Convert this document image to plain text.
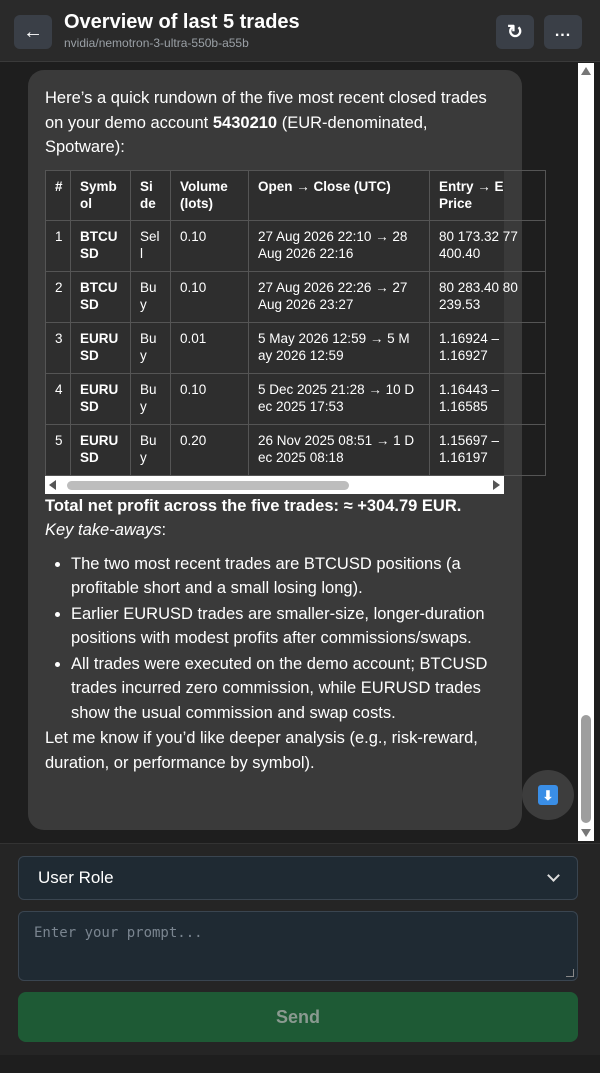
← Overview of last 5 trades
nvidia/nemotron-3-ultra-550b-a55b
↻ ...

Here’s a quick rundown of the five most recent closed trades on your demo account 5430210 (EUR-denominated, Spotware):

#	Symb ol	Si de	Volume (lots)	Open → Close (UTC)	Entry → E Price
1	BTCU SD	Sel l	0.10	27 Aug 2026 22:10 → 28 Aug 2026 22:16	80 173.32 77 400.40
2	BTCU SD	Bu y	0.10	27 Aug 2026 22:26 → 27 Aug 2026 23:27	80 283.40 80 239.53
3	EURU SD	Bu y	0.01	5 May 2026 12:59 → 5 M ay 2026 12:59	1.16924 – 1.16927
4	EURU SD	Bu y	0.10	5 Dec 2025 21:28 → 10 D ec 2025 17:53	1.16443 – 1.16585
5	EURU SD	Bu y	0.20	26 Nov 2025 08:51 → 1 D ec 2025 08:18	1.15697 – 1.16197

Total net profit across the five trades: ≈ +304.79 EUR.

Key take-aways:

• The two most recent trades are BTCUSD positions (a profitable short and a small losing long).
• Earlier EURUSD trades are smaller-size, longer-duration positions with modest profits after commissions/swaps.
• All trades were executed on the demo account; BTCUSD trades incurred zero commission, while EURUSD trades show the usual commission and swap costs.

Let me know if you’d like deeper analysis (e.g., risk-reward, duration, or performance by symbol).

⬇
User Role
Enter your prompt...
Send
